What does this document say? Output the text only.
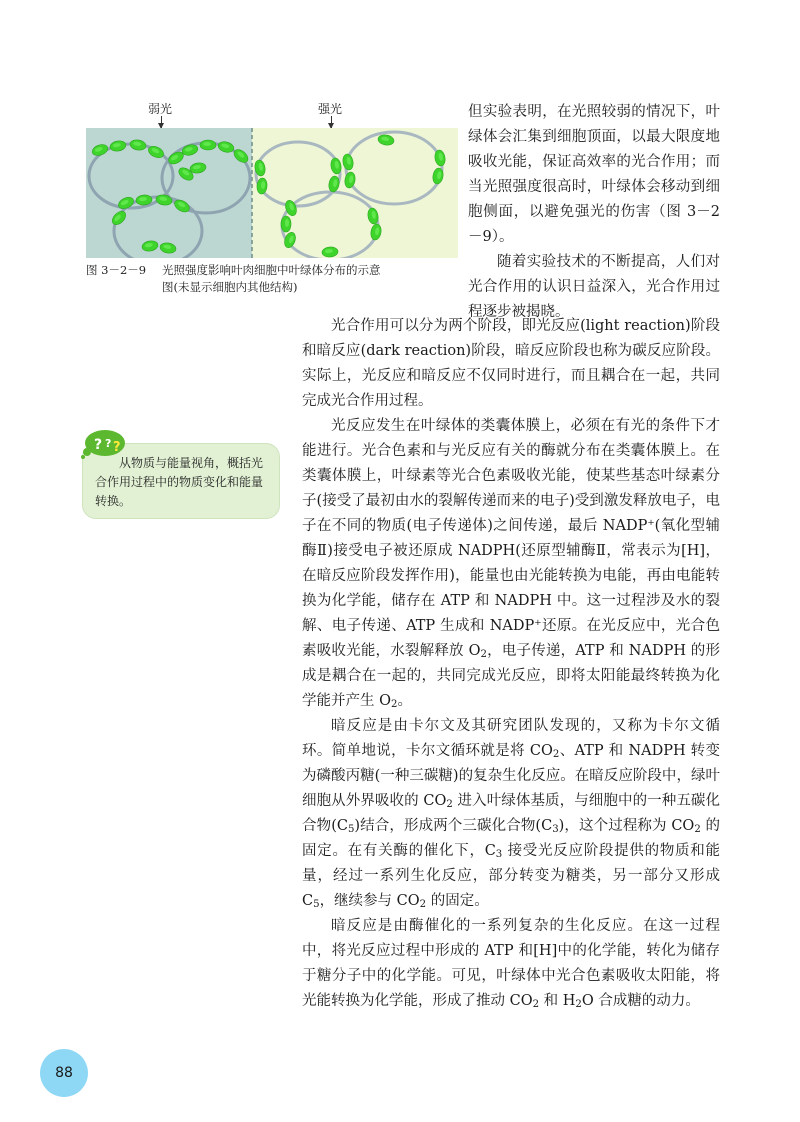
弱光	强光
图 3－2－9 光照强度影响叶肉细胞中叶绿体分布的示意
图(未显示细胞内其他结构)

但实验表明，在光照较弱的情况下，叶绿体会汇集到细胞顶面，以最大限度地吸收光能，保证高效率的光合作用；而当光照强度很高时，叶绿体会移动到细胞侧面，以避免强光的伤害（图 3－2－9）。

随着实验技术的不断提高，人们对光合作用的认识日益深入，光合作用过程逐步被揭晓。

? ? ?
从物质与能量视角，概括光合作用过程中的物质变化和能量转换。

光合作用可以分为两个阶段，即光反应(light reaction)阶段和暗反应(dark reaction)阶段，暗反应阶段也称为碳反应阶段。实际上，光反应和暗反应不仅同时进行，而且耦合在一起，共同完成光合作用过程。

光反应发生在叶绿体的类囊体膜上，必须在有光的条件下才能进行。光合色素和与光反应有关的酶就分布在类囊体膜上。在类囊体膜上，叶绿素等光合色素吸收光能，使某些基态叶绿素分子(接受了最初由水的裂解传递而来的电子)受到激发释放电子，电子在不同的物质(电子传递体)之间传递，最后 NADP+(氧化型辅酶Ⅱ)接受电子被还原成 NADPH(还原型辅酶Ⅱ，常表示为[H]，在暗反应阶段发挥作用)，能量也由光能转换为电能，再由电能转换为化学能，储存在 ATP 和 NADPH 中。这一过程涉及水的裂解、电子传递、ATP 生成和 NADP+还原。在光反应中，光合色素吸收光能，水裂解释放 $O_2$，电子传递，ATP 和 NADPH 的形成是耦合在一起的，共同完成光反应，即将太阳能最终转换为化学能并产生 $O_2$。

暗反应是由卡尔文及其研究团队发现的，又称为卡尔文循环。简单地说，卡尔文循环就是将 $CO_2$、ATP 和 NADPH 转变为磷酸丙糖(一种三碳糖)的复杂生化反应。在暗反应阶段中，绿叶细胞从外界吸收的 $CO_2$ 进入叶绿体基质，与细胞中的一种五碳化合物$(C_5)$结合，形成两个三碳化合物$(C_3)$，这个过程称为 $CO_2$ 的固定。在有关酶的催化下，$C_3$ 接受光反应阶段提供的物质和能量，经过一系列生化反应，部分转变为糖类，另一部分又形成 $C_5$，继续参与 $CO_2$ 的固定。

暗反应是由酶催化的一系列复杂的生化反应。在这一过程中，将光反应过程中形成的 ATP 和[H]中的化学能，转化为储存于糖分子中的化学能。可见，叶绿体中光合色素吸收太阳能，将光能转换为化学能，形成了推动 $CO_2$ 和 $H_2O$ 合成糖的动力。

88
